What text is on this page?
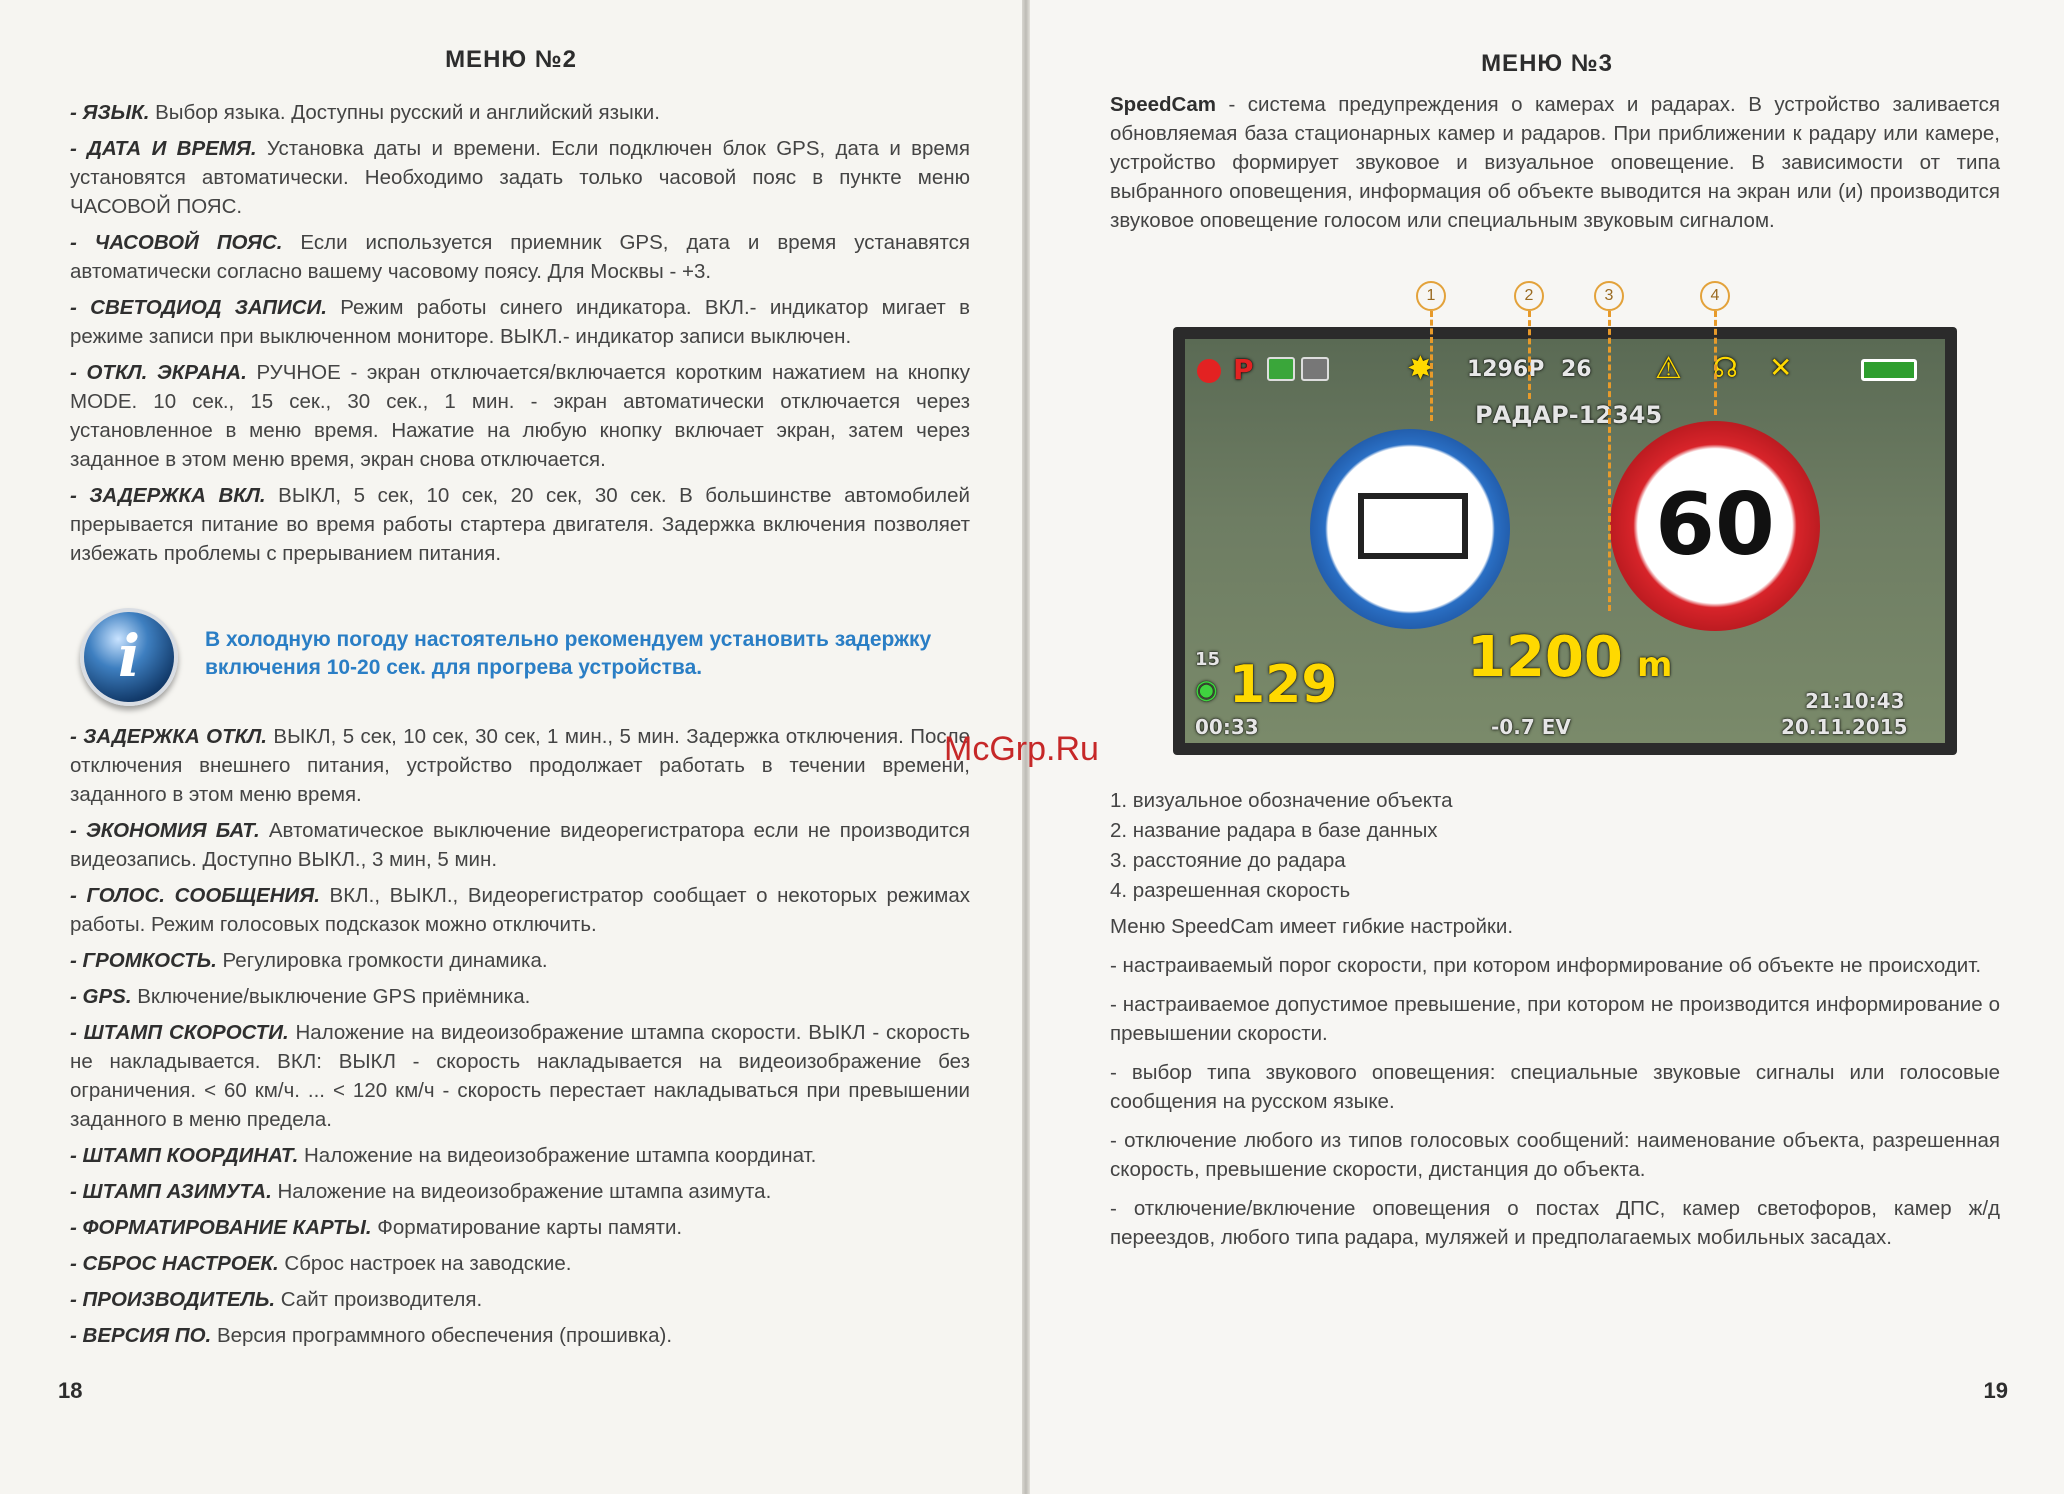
МЕНЮ №2

- ЯЗЫК. Выбор языка. Доступны русский и английский языки.

- ДАТА И ВРЕМЯ. Установка даты и времени. Если подключен блок GPS, дата и время установятся автоматически. Необходимо задать только часовой пояс в пункте меню ЧАСОВОЙ ПОЯС.

- ЧАСОВОЙ ПОЯС. Если используется приемник GPS, дата и время устанавятся автоматически согласно вашему часовому поясу. Для Москвы - +3.

- СВЕТОДИОД ЗАПИСИ. Режим работы синего индикатора. ВКЛ.- индикатор мигает в режиме записи при выключенном мониторе. ВЫКЛ.- индикатор записи выключен.

- ОТКЛ. ЭКРАНА. РУЧНОЕ - экран отключается/включается коротким нажатием на кнопку MODE. 10 сек., 15 сек., 30 сек., 1 мин. - экран автоматически отключается через установленное в меню время. Нажатие на любую кнопку включает экран, затем через заданное в этом меню время, экран снова отключается.

- ЗАДЕРЖКА ВКЛ. ВЫКЛ, 5 сек, 10 сек, 20 сек, 30 сек. В большинстве автомобилей прерывается питание во время работы стартера двигателя. Задержка включения позволяет избежать проблемы с прерыванием питания.

i	В холодную погоду настоятельно рекомендуем установить задержку включения 10-20 сек. для прогрева устройства.

- ЗАДЕРЖКА ОТКЛ. ВЫКЛ, 5 сек, 10 сек, 30 сек, 1 мин., 5 мин. Задержка отключения. После отключения внешнего питания, устройство продолжает работать в течении времени, заданного в этом меню время.

- ЭКОНОМИЯ БАТ. Автоматическое выключение видеорегистратора если не производится видеозапись. Доступно ВЫКЛ., 3 мин, 5 мин.

- ГОЛОС. СООБЩЕНИЯ. ВКЛ., ВЫКЛ., Видеорегистратор сообщает о некоторых режимах работы. Режим голосовых подсказок можно отключить.

- ГРОМКОСТЬ. Регулировка громкости динамика.

- GPS. Включение/выключение GPS приёмника.

- ШТАМП СКОРОСТИ. Наложение на видеоизображение штампа скорости. ВЫКЛ - скорость не накладывается. ВКЛ: ВЫКЛ - скорость накладывается на видеоизображение без ограничения. < 60 км/ч. ... < 120 км/ч - скорость перестает накладываться при превышении заданного в меню предела.

- ШТАМП КООРДИНАТ. Наложение на видеоизображение штампа координат.

- ШТАМП АЗИМУТА. Наложение на видеоизображение штампа азимута.

- ФОРМАТИРОВАНИЕ КАРТЫ. Форматирование карты памяти.

- СБРОС НАСТРОЕК. Сброс настроек на заводские.

- ПРОИЗВОДИТЕЛЬ. Сайт производителя.

- ВЕРСИЯ ПО. Версия программного обеспечения (прошивка).

18
МЕНЮ №3

SpeedCam - система предупреждения о камерах и радарах. В устройство заливается обновляемая база стационарных камер и радаров. При приближении к радару или камере, устройство формирует звуковое и визуальное оповещение. В зависимости от типа выбранного оповещения, информация об объекте выводится на экран или (и) производится звуковое оповещение голосом или специальным звуковым сигналом.

1	2	3	4
P	✸ 1296P 26 ⚠ ☊ ✕
РАДАР-12345
60
1200 m
15
◉ 129
00:33	-0.7 EV
21:10:43
20.11.2015
1. визуальное обозначение объекта
2. название радара в базе данных
3. расстояние до радара
4. разрешенная скорость

Меню SpeedCam имеет гибкие настройки.

- настраиваемый порог скорости, при котором информирование об объекте не происходит.

- настраиваемое допустимое превышение, при котором не производится информирование о превышении скорости.

- выбор типа звукового оповещения: специальные звуковые сигналы или голосовые сообщения на русском языке.

- отключение любого из типов голосовых сообщений: наименование объекта, разрешенная скорость, превышение скорости, дистанция до объекта.

- отключение/включение оповещения о постах ДПС, камер светофоров, камер ж/д переездов, любого типа радара, муляжей и предполагаемых мобильных засадах.

19
McGrp.Ru
